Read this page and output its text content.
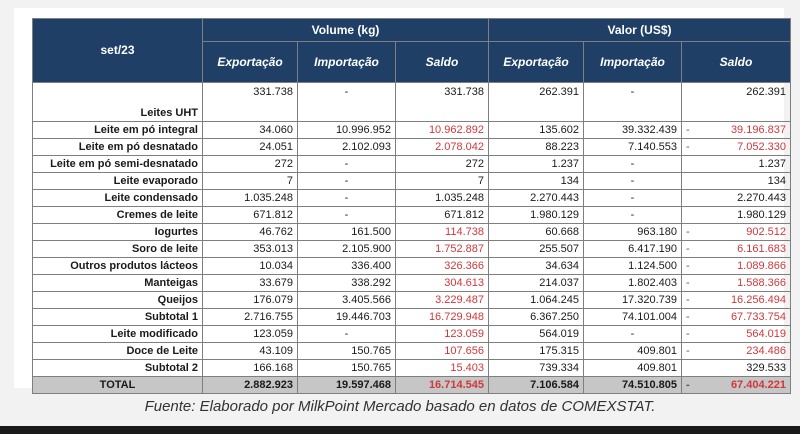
set/23	Volume (kg)			Valor (US$)		
	Exportação	Importação	Saldo	Exportação	Importação	Saldo
Leites UHT	331.738	-	331.738	262.391	-	262.391
Leite em pó integral	34.060	10.996.952	10.962.892	135.602	39.332.439	- 39.196.837
Leite em pó desnatado	24.051	2.102.093	2.078.042	88.223	7.140.553	- 7.052.330
Leite em pó semi-desnatado	272	-	272	1.237	-	1.237
Leite evaporado	7	-	7	134	-	134
Leite condensado	1.035.248	-	1.035.248	2.270.443	-	2.270.443
Cremes de leite	671.812	-	671.812	1.980.129	-	1.980.129
Iogurtes	46.762	161.500	114.738	60.668	963.180	- 902.512
Soro de leite	353.013	2.105.900	1.752.887	255.507	6.417.190	- 6.161.683
Outros produtos lácteos	10.034	336.400	326.366	34.634	1.124.500	- 1.089.866
Manteigas	33.679	338.292	304.613	214.037	1.802.403	- 1.588.366
Queijos	176.079	3.405.566	3.229.487	1.064.245	17.320.739	- 16.256.494
Subtotal 1	2.716.755	19.446.703	16.729.948	6.367.250	74.101.004	- 67.733.754
Leite modificado	123.059	-	123.059	564.019	-	- 564.019
Doce de Leite	43.109	150.765	107.656	175.315	409.801	- 234.486
Subtotal 2	166.168	150.765	15.403	739.334	409.801	329.533
TOTAL	2.882.923	19.597.468	16.714.545	7.106.584	74.510.805	- 67.404.221
Fuente: Elaborado por MilkPoint Mercado basado en datos de COMEXSTAT.
